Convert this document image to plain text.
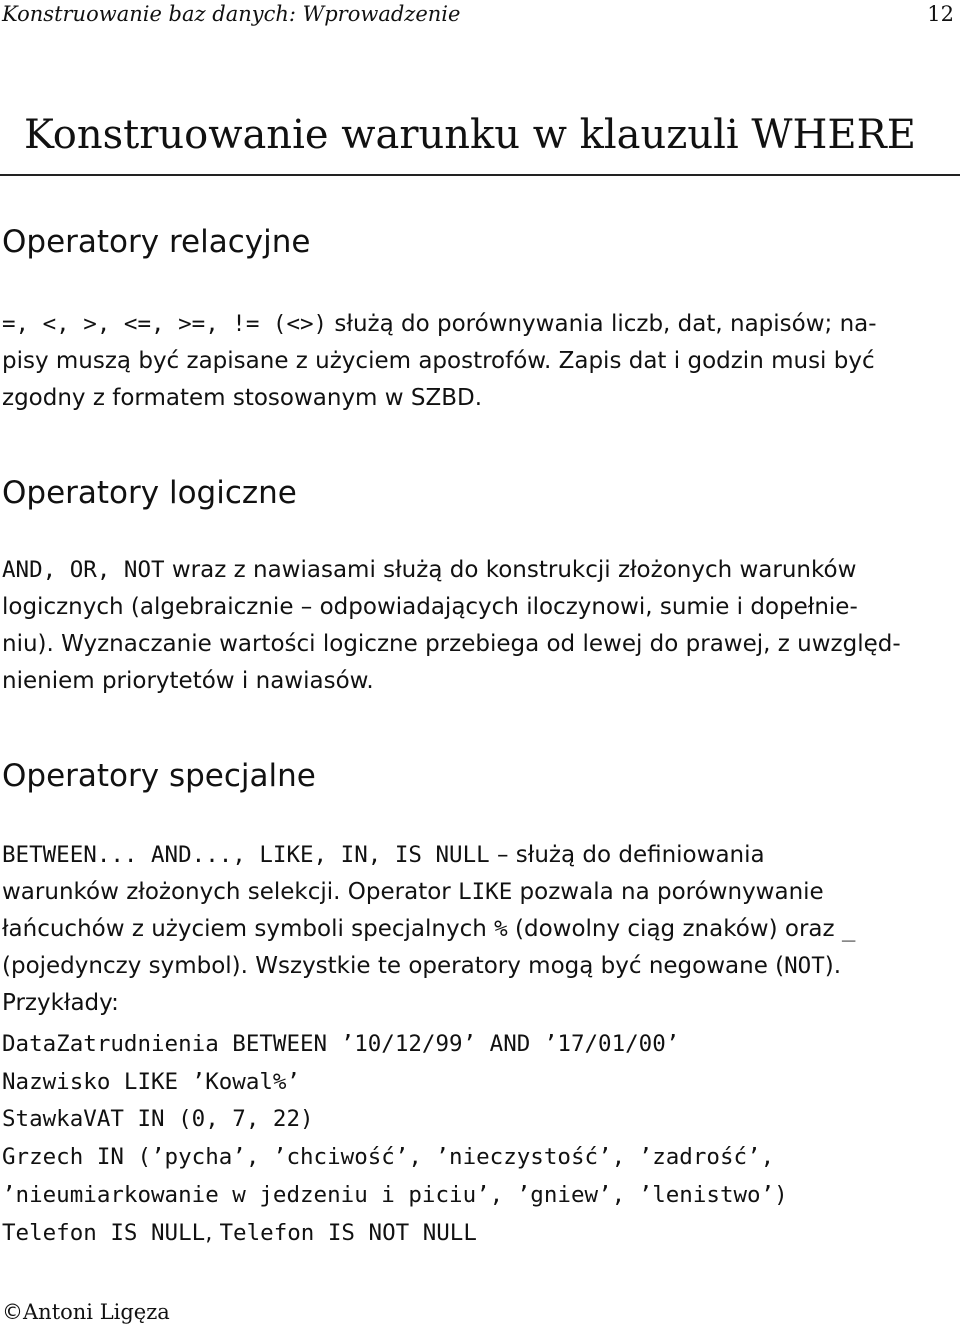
Konstruowanie baz danych: Wprowadzenie	12
Konstruowanie warunku w klauzuli WHERE
Operatory relacyjne
=, <, >, <=, >=, != (<>) służą do porównywania liczb, dat, napisów; na-
pisy muszą być zapisane z użyciem apostrofów. Zapis dat i godzin musi być
zgodny z formatem stosowanym w SZBD.
Operatory logiczne
AND, OR, NOT wraz z nawiasami służą do konstrukcji złożonych warunków
logicznych (algebraicznie – odpowiadających iloczynowi, sumie i dopełnie-
niu). Wyznaczanie wartości logiczne przebiega od lewej do prawej, z uwzględ-
nieniem priorytetów i nawiasów.
Operatory specjalne
BETWEEN... AND..., LIKE, IN, IS NULL – służą do definiowania
warunków złożonych selekcji. Operator LIKE pozwala na porównywanie
łańcuchów z użyciem symboli specjalnych % (dowolny ciąg znaków) oraz _
(pojedynczy symbol). Wszystkie te operatory mogą być negowane (NOT).
Przykłady:
DataZatrudnienia BETWEEN ’10/12/99’ AND ’17/01/00’
Nazwisko LIKE ’Kowal%’
StawkaVAT IN (0, 7, 22)
Grzech IN (’pycha’, ’chciwość’, ’nieczystość’, ’zadrość’,
’nieumiarkowanie w jedzeniu i piciu’, ’gniew’, ’lenistwo’)
Telefon IS NULL, Telefon IS NOT NULL
©Antoni Ligęza
